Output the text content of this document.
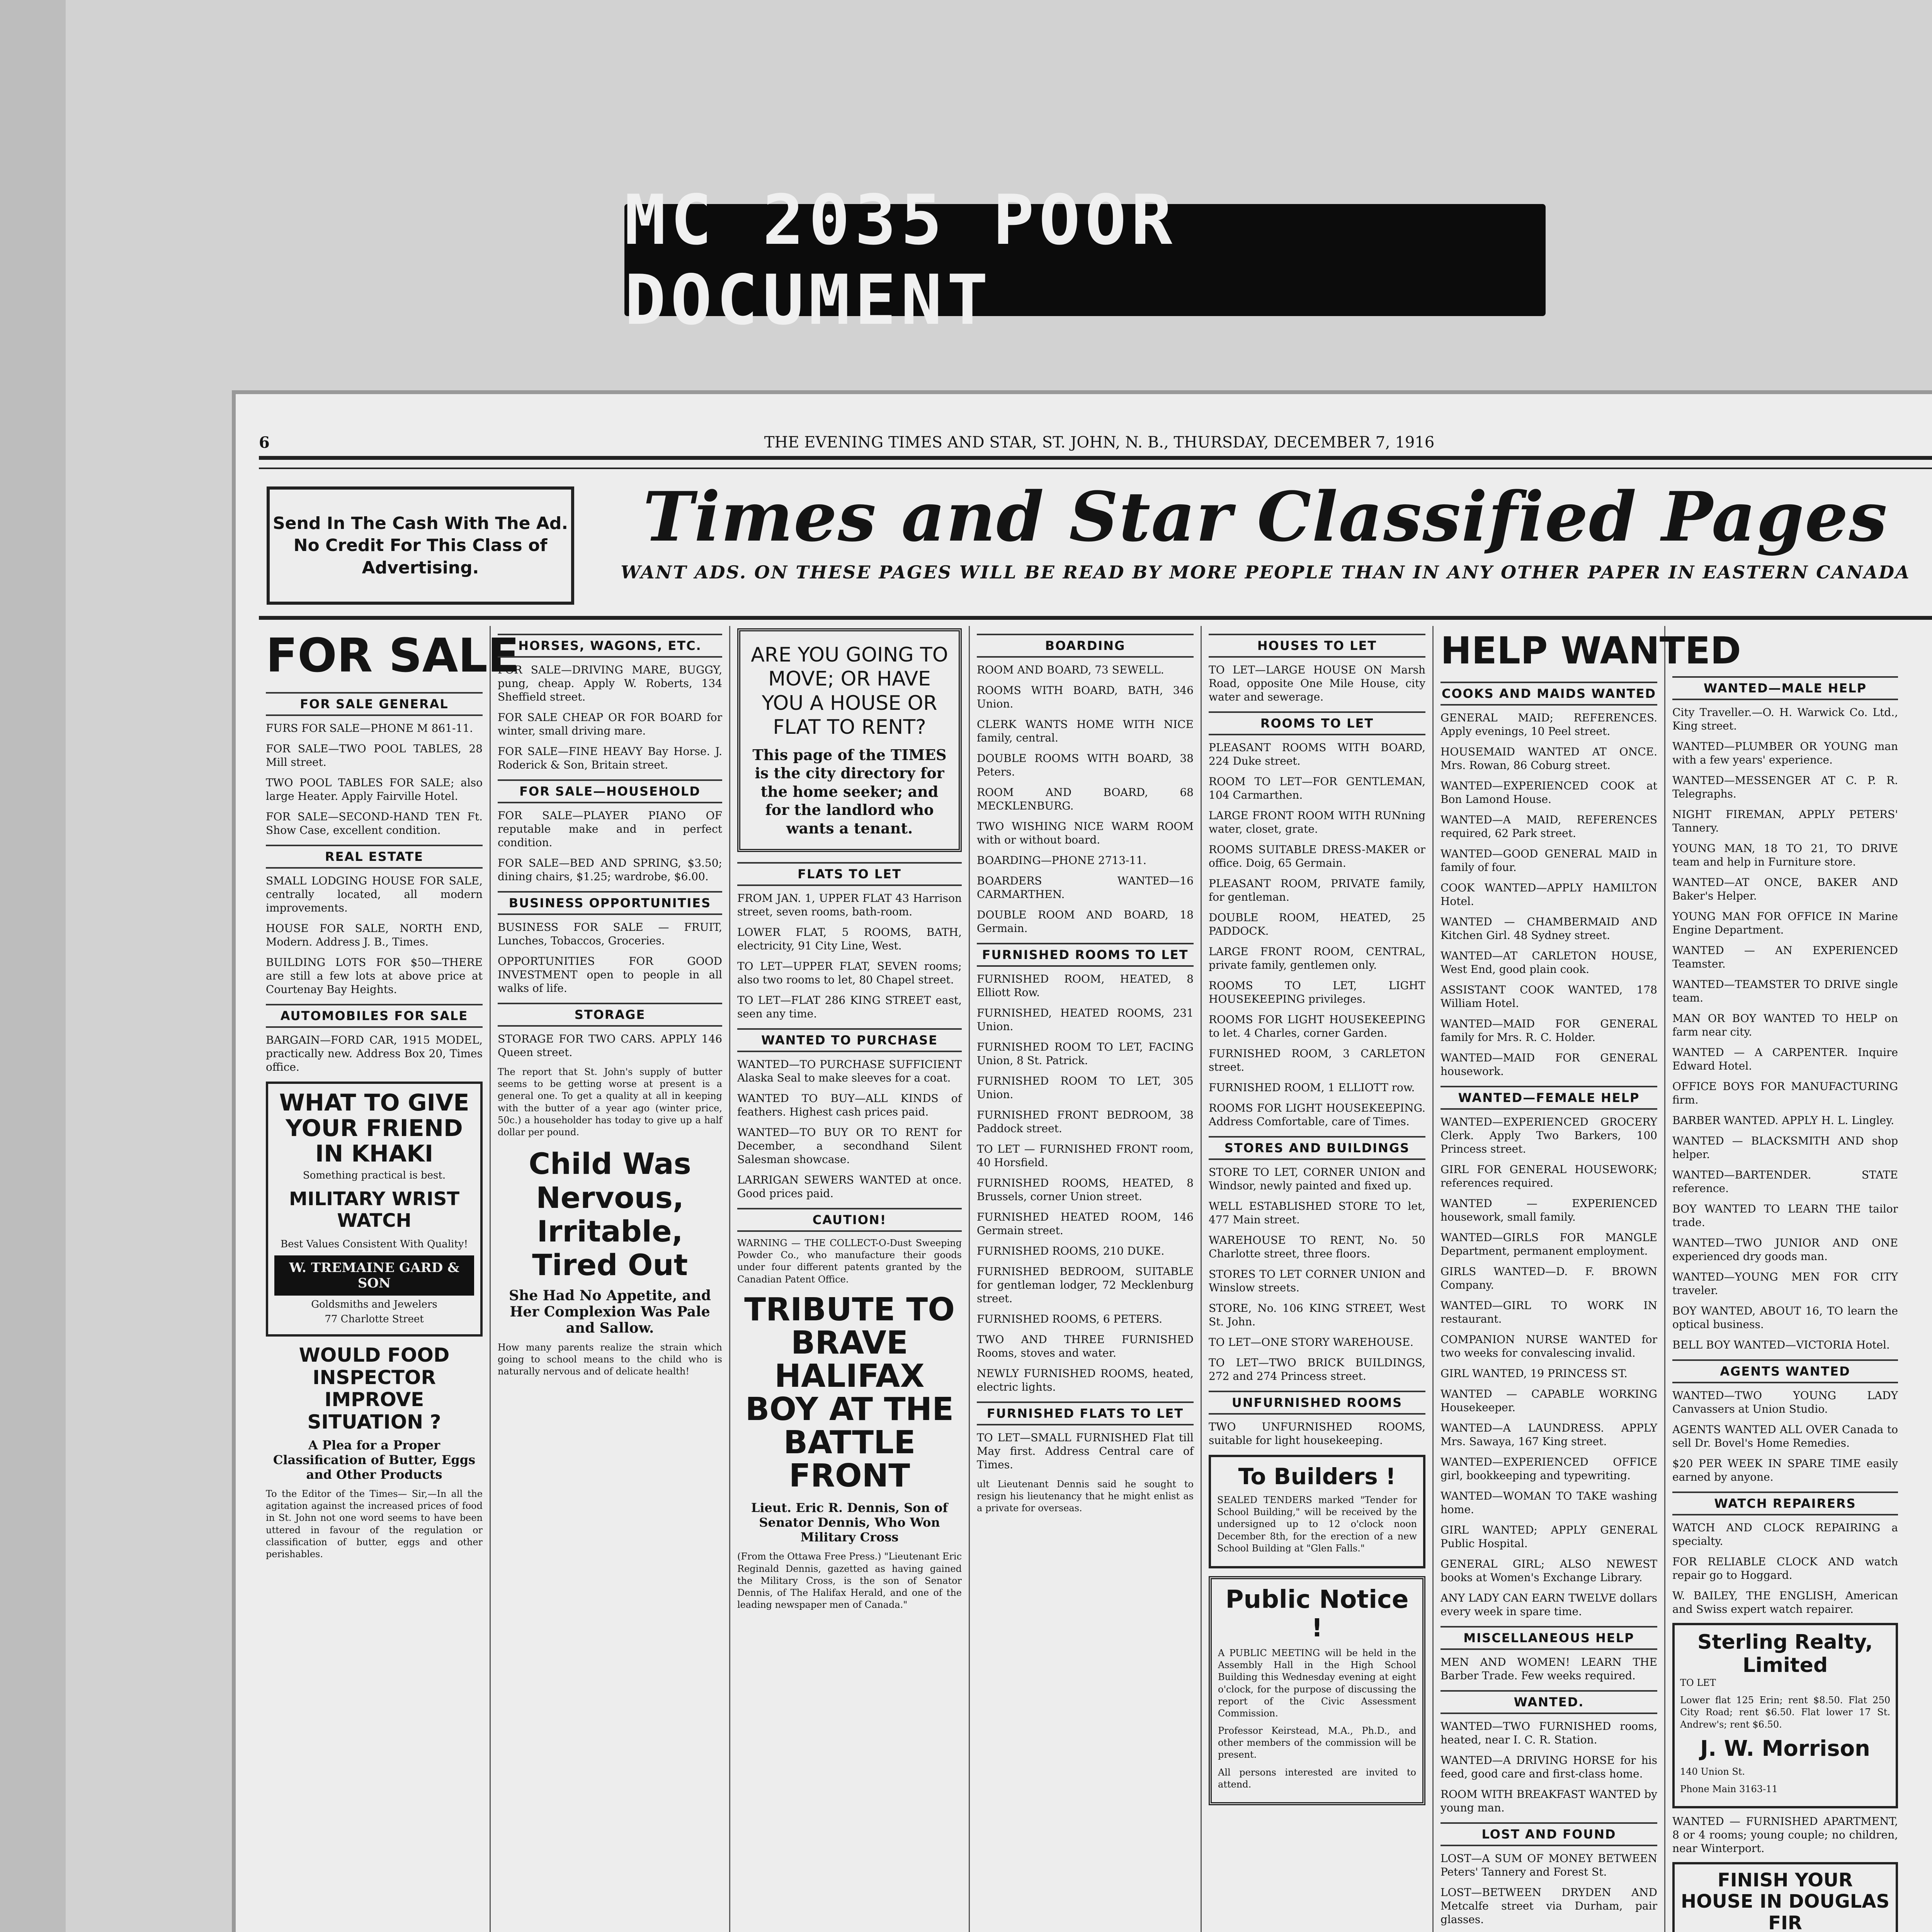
MC 2035 POOR DOCUMENT
6	THE EVENING TIMES AND STAR, ST. JOHN, N. B., THURSDAY, DECEMBER 7, 1916
Send In The Cash With The Ad. No Credit For This Class of Advertising.
Times and Star Classified Pages
WANT ADS. ON THESE PAGES WILL BE READ BY MORE PEOPLE THAN IN ANY OTHER PAPER IN EASTERN CANADA
FOR SALE
FOR SALE GENERAL

FURS FOR SALE—PHONE M 861-11.

FOR SALE—TWO POOL TABLES, 28 Mill street.

TWO POOL TABLES FOR SALE; also large Heater. Apply Fairville Hotel.

FOR SALE—SECOND-HAND TEN Ft. Show Case, excellent condition.

REAL ESTATE

SMALL LODGING HOUSE FOR SALE, centrally located, all modern improvements.

HOUSE FOR SALE, NORTH END, Modern. Address J. B., Times.

BUILDING LOTS FOR $50—THERE are still a few lots at above price at Courtenay Bay Heights.

AUTOMOBILES FOR SALE

BARGAIN—FORD CAR, 1915 MODEL, practically new. Address Box 20, Times office.

WHAT TO GIVE YOUR FRIEND IN KHAKI
Something practical is best.
MILITARY WRIST WATCH
Best Values Consistent With Quality!
W. TREMAINE GARD & SON
Goldsmiths and Jewelers
77 Charlotte Street
WOULD FOOD INSPECTOR IMPROVE SITUATION ?
A Plea for a Proper Classification of Butter, Eggs and Other Products

To the Editor of the Times— Sir,—In all the agitation against the increased prices of food in St. John not one word seems to have been uttered in favour of the regulation or classification of butter, eggs and other perishables.

HORSES, WAGONS, ETC.

FOR SALE—DRIVING MARE, BUGGY, pung, cheap. Apply W. Roberts, 134 Sheffield street.

FOR SALE CHEAP OR FOR BOARD for winter, small driving mare.

FOR SALE—FINE HEAVY Bay Horse. J. Roderick & Son, Britain street.

FOR SALE—HOUSEHOLD

FOR SALE—PLAYER PIANO OF reputable make and in perfect condition.

FOR SALE—BED AND SPRING, $3.50; dining chairs, $1.25; wardrobe, $6.00.

BUSINESS OPPORTUNITIES

BUSINESS FOR SALE — FRUIT, Lunches, Tobaccos, Groceries.

OPPORTUNITIES FOR GOOD INVESTMENT open to people in all walks of life.

STORAGE

STORAGE FOR TWO CARS. APPLY 146 Queen street.

The report that St. John's supply of butter seems to be getting worse at present is a general one. To get a quality at all in keeping with the butter of a year ago (winter price, 50c.) a householder has today to give up a half dollar per pound.

Child Was Nervous,
Irritable, Tired Out
She Had No Appetite, and Her Complexion Was Pale and Sallow.

How many parents realize the strain which going to school means to the child who is naturally nervous and of delicate health!

ARE YOU GOING TO MOVE; OR HAVE YOU A HOUSE OR FLAT TO RENT?
This page of the TIMES is the city directory for the home seeker; and for the landlord who wants a tenant.
FLATS TO LET

FROM JAN. 1, UPPER FLAT 43 Harrison street, seven rooms, bath-room.

LOWER FLAT, 5 ROOMS, BATH, electricity, 91 City Line, West.

TO LET—UPPER FLAT, SEVEN rooms; also two rooms to let, 80 Chapel street.

TO LET—FLAT 286 KING STREET east, seen any time.

WANTED TO PURCHASE

WANTED—TO PURCHASE SUFFICIENT Alaska Seal to make sleeves for a coat.

WANTED TO BUY—ALL KINDS of feathers. Highest cash prices paid.

WANTED—TO BUY OR TO RENT for December, a secondhand Silent Salesman showcase.

LARRIGAN SEWERS WANTED at once. Good prices paid.

CAUTION!

WARNING — THE COLLECT-O-Dust Sweeping Powder Co., who manufacture their goods under four different patents granted by the Canadian Patent Office.

TRIBUTE TO BRAVE HALIFAX BOY AT THE BATTLE FRONT
Lieut. Eric R. Dennis, Son of Senator Dennis, Who Won Military Cross

(From the Ottawa Free Press.) "Lieutenant Eric Reginald Dennis, gazetted as having gained the Military Cross, is the son of Senator Dennis, of The Halifax Herald, and one of the leading newspaper men of Canada."

BOARDING

ROOM AND BOARD, 73 SEWELL.

ROOMS WITH BOARD, BATH, 346 Union.

CLERK WANTS HOME WITH NICE family, central.

DOUBLE ROOMS WITH BOARD, 38 Peters.

ROOM AND BOARD, 68 MECKLENBURG.

TWO WISHING NICE WARM ROOM with or without board.

BOARDING—PHONE 2713-11.

BOARDERS WANTED—16 CARMARTHEN.

DOUBLE ROOM AND BOARD, 18 Germain.

FURNISHED ROOMS TO LET

FURNISHED ROOM, HEATED, 8 Elliott Row.

FURNISHED, HEATED ROOMS, 231 Union.

FURNISHED ROOM TO LET, FACING Union, 8 St. Patrick.

FURNISHED ROOM TO LET, 305 Union.

FURNISHED FRONT BEDROOM, 38 Paddock street.

TO LET — FURNISHED FRONT room, 40 Horsfield.

FURNISHED ROOMS, HEATED, 8 Brussels, corner Union street.

FURNISHED HEATED ROOM, 146 Germain street.

FURNISHED ROOMS, 210 DUKE.

FURNISHED BEDROOM, SUITABLE for gentleman lodger, 72 Mecklenburg street.

FURNISHED ROOMS, 6 PETERS.

TWO AND THREE FURNISHED Rooms, stoves and water.

NEWLY FURNISHED ROOMS, heated, electric lights.

FURNISHED FLATS TO LET

TO LET—SMALL FURNISHED Flat till May first. Address Central care of Times.

ult Lieutenant Dennis said he sought to resign his lieutenancy that he might enlist as a private for overseas.

HOUSES TO LET

TO LET—LARGE HOUSE ON Marsh Road, opposite One Mile House, city water and sewerage.

ROOMS TO LET

PLEASANT ROOMS WITH BOARD, 224 Duke street.

ROOM TO LET—FOR GENTLEMAN, 104 Carmarthen.

LARGE FRONT ROOM WITH RUNning water, closet, grate.

ROOMS SUITABLE DRESS-MAKER or office. Doig, 65 Germain.

PLEASANT ROOM, PRIVATE family, for gentleman.

DOUBLE ROOM, HEATED, 25 PADDOCK.

LARGE FRONT ROOM, CENTRAL, private family, gentlemen only.

ROOMS TO LET, LIGHT HOUSEKEEPING privileges.

ROOMS FOR LIGHT HOUSEKEEPING to let. 4 Charles, corner Garden.

FURNISHED ROOM, 3 CARLETON street.

FURNISHED ROOM, 1 ELLIOTT row.

ROOMS FOR LIGHT HOUSEKEEPING. Address Comfortable, care of Times.

STORES AND BUILDINGS

STORE TO LET, CORNER UNION and Windsor, newly painted and fixed up.

WELL ESTABLISHED STORE TO let, 477 Main street.

WAREHOUSE TO RENT, No. 50 Charlotte street, three floors.

STORES TO LET CORNER UNION and Winslow streets.

STORE, No. 106 KING STREET, West St. John.

TO LET—ONE STORY WAREHOUSE.

TO LET—TWO BRICK BUILDINGS, 272 and 274 Princess street.

UNFURNISHED ROOMS

TWO UNFURNISHED ROOMS, suitable for light housekeeping.

To Builders !

SEALED TENDERS marked "Tender for School Building," will be received by the undersigned up to 12 o'clock noon December 8th, for the erection of a new School Building at "Glen Falls."

Public Notice !

A PUBLIC MEETING will be held in the Assembly Hall in the High School Building this Wednesday evening at eight o'clock, for the purpose of discussing the report of the Civic Assessment Commission.

Professor Keirstead, M.A., Ph.D., and other members of the commission will be present.

All persons interested are invited to attend.

HELP WANTED
COOKS AND MAIDS WANTED

GENERAL MAID; REFERENCES. Apply evenings, 10 Peel street.

HOUSEMAID WANTED AT ONCE. Mrs. Rowan, 86 Coburg street.

WANTED—EXPERIENCED COOK at Bon Lamond House.

WANTED—A MAID, REFERENCES required, 62 Park street.

WANTED—GOOD GENERAL MAID in family of four.

COOK WANTED—APPLY HAMILTON Hotel.

WANTED — CHAMBERMAID AND Kitchen Girl. 48 Sydney street.

WANTED—AT CARLETON HOUSE, West End, good plain cook.

ASSISTANT COOK WANTED, 178 William Hotel.

WANTED—MAID FOR GENERAL family for Mrs. R. C. Holder.

WANTED—MAID FOR GENERAL housework.

WANTED—FEMALE HELP

WANTED—EXPERIENCED GROCERY Clerk. Apply Two Barkers, 100 Princess street.

GIRL FOR GENERAL HOUSEWORK; references required.

WANTED — EXPERIENCED housework, small family.

WANTED—GIRLS FOR MANGLE Department, permanent employment.

GIRLS WANTED—D. F. BROWN Company.

WANTED—GIRL TO WORK IN restaurant.

COMPANION NURSE WANTED for two weeks for convalescing invalid.

GIRL WANTED, 19 PRINCESS ST.

WANTED — CAPABLE WORKING Housekeeper.

WANTED—A LAUNDRESS. APPLY Mrs. Sawaya, 167 King street.

WANTED—EXPERIENCED OFFICE girl, bookkeeping and typewriting.

WANTED—WOMAN TO TAKE washing home.

GIRL WANTED; APPLY GENERAL Public Hospital.

GENERAL GIRL; ALSO NEWEST books at Women's Exchange Library.

ANY LADY CAN EARN TWELVE dollars every week in spare time.

MISCELLANEOUS HELP

MEN AND WOMEN! LEARN THE Barber Trade. Few weeks required.

WANTED.

WANTED—TWO FURNISHED rooms, heated, near I. C. R. Station.

WANTED—A DRIVING HORSE for his feed, good care and first-class home.

ROOM WITH BREAKFAST WANTED by young man.

LOST AND FOUND

LOST—A SUM OF MONEY BETWEEN Peters' Tannery and Forest St.

LOST—BETWEEN DRYDEN AND Metcalfe street via Durham, pair glasses.

WANTED—MALE HELP

City Traveller.—O. H. Warwick Co. Ltd., King street.

WANTED—PLUMBER OR YOUNG man with a few years' experience.

WANTED—MESSENGER AT C. P. R. Telegraphs.

NIGHT FIREMAN, APPLY PETERS' Tannery.

YOUNG MAN, 18 TO 21, TO DRIVE team and help in Furniture store.

WANTED—AT ONCE, BAKER AND Baker's Helper.

YOUNG MAN FOR OFFICE IN Marine Engine Department.

WANTED — AN EXPERIENCED Teamster.

WANTED—TEAMSTER TO DRIVE single team.

MAN OR BOY WANTED TO HELP on farm near city.

WANTED — A CARPENTER. Inquire Edward Hotel.

OFFICE BOYS FOR MANUFACTURING firm.

BARBER WANTED. APPLY H. L. Lingley.

WANTED — BLACKSMITH AND shop helper.

WANTED—BARTENDER. STATE reference.

BOY WANTED TO LEARN THE tailor trade.

WANTED—TWO JUNIOR AND ONE experienced dry goods man.

WANTED—YOUNG MEN FOR CITY traveler.

BOY WANTED, ABOUT 16, TO learn the optical business.

BELL BOY WANTED—VICTORIA Hotel.

AGENTS WANTED

WANTED—TWO YOUNG LADY Canvassers at Union Studio.

AGENTS WANTED ALL OVER Canada to sell Dr. Bovel's Home Remedies.

$20 PER WEEK IN SPARE TIME easily earned by anyone.

WATCH REPAIRERS

WATCH AND CLOCK REPAIRING a specialty.

FOR RELIABLE CLOCK AND watch repair go to Hoggard.

W. BAILEY, THE ENGLISH, American and Swiss expert watch repairer.

Sterling Realty, Limited
TO LET
Lower flat 125 Erin; rent $8.50. Flat 250 City Road; rent $6.50. Flat lower 17 St. Andrew's; rent $6.50.
J. W. Morrison
140 Union St.
Phone Main 3163-11

WANTED — FURNISHED APARTMENT, 8 or 4 rooms; young couple; no children, near Winterport.

FINISH YOUR HOUSE IN DOUGLAS FIR
